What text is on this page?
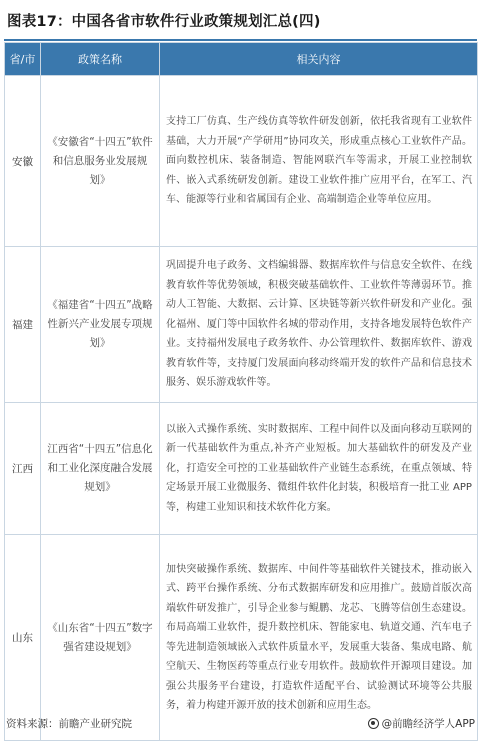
图表17：中国各省市软件行业政策规划汇总(四)
省/市	政策名称	相关内容
安徽	《安徽省“十四五”软件和信息服务业发展规划》	支持工厂仿真、生产线仿真等软件研发创新，依托我省现有工业软件基础，大力开展“产学研用”协同攻关，形成重点核心工业软件产品。面向数控机床、装备制造、智能网联汽车等需求，开展工业控制软件、嵌入式系统研发创新。建设工业软件推广应用平台，在军工、汽车、能源等行业和省属国有企业、高端制造企业等单位应用。
福建	《福建省“十四五”战略性新兴产业发展专项规划》	巩固提升电子政务、文档编辑器、数据库软件与信息安全软件、在线教育软件等优势领域，积极突破基础软件、工业软件等薄弱环节。推动人工智能、大数据、云计算、区块链等新兴软件研发和产业化。强化福州、厦门等中国软件名城的带动作用，支持各地发展特色软件产业。支持福州发展电子政务软件、办公管理软件、数据库软件、游戏教育软件等，支持厦门发展面向移动终端开发的软件产品和信息技术服务、娱乐游戏软件等。
江西	江西省“十四五”信息化和工业化深度融合发展规划》	以嵌入式操作系统、实时数据库、工程中间件以及面向移动互联网的新一代基础软件为重点,补齐产业短板。加大基础软件的研发及产业化，打造安全可控的工业基础软件产业链生态系统，在重点领域、特定场景开展工业微服务、微组件软件化封装，积极培育一批工业 APP 等，构建工业知识和技术软件化方案。
山东	《山东省“十四五”数字强省建设规划》	加快突破操作系统、数据库、中间件等基础软件关键技术，推动嵌入式、跨平台操作系统、分布式数据库研发和应用推广。鼓励首版次高端软件研发推广，引导企业参与鲲鹏、龙芯、飞腾等信创生态建设。布局高端工业软件，提升数控机床、智能家电、轨道交通、汽车电子等先进制造领域嵌入式软件质量水平，发展重大装备、集成电路、航空航天、生物医药等重点行业专用软件。鼓励软件开源项目建设。加强公共服务平台建设，打造软件适配平台、试验测试环境等公共服务，着力构建开源开放的技术创新和应用生态。
资料来源：前瞻产业研究院	@前瞻经济学人APP
